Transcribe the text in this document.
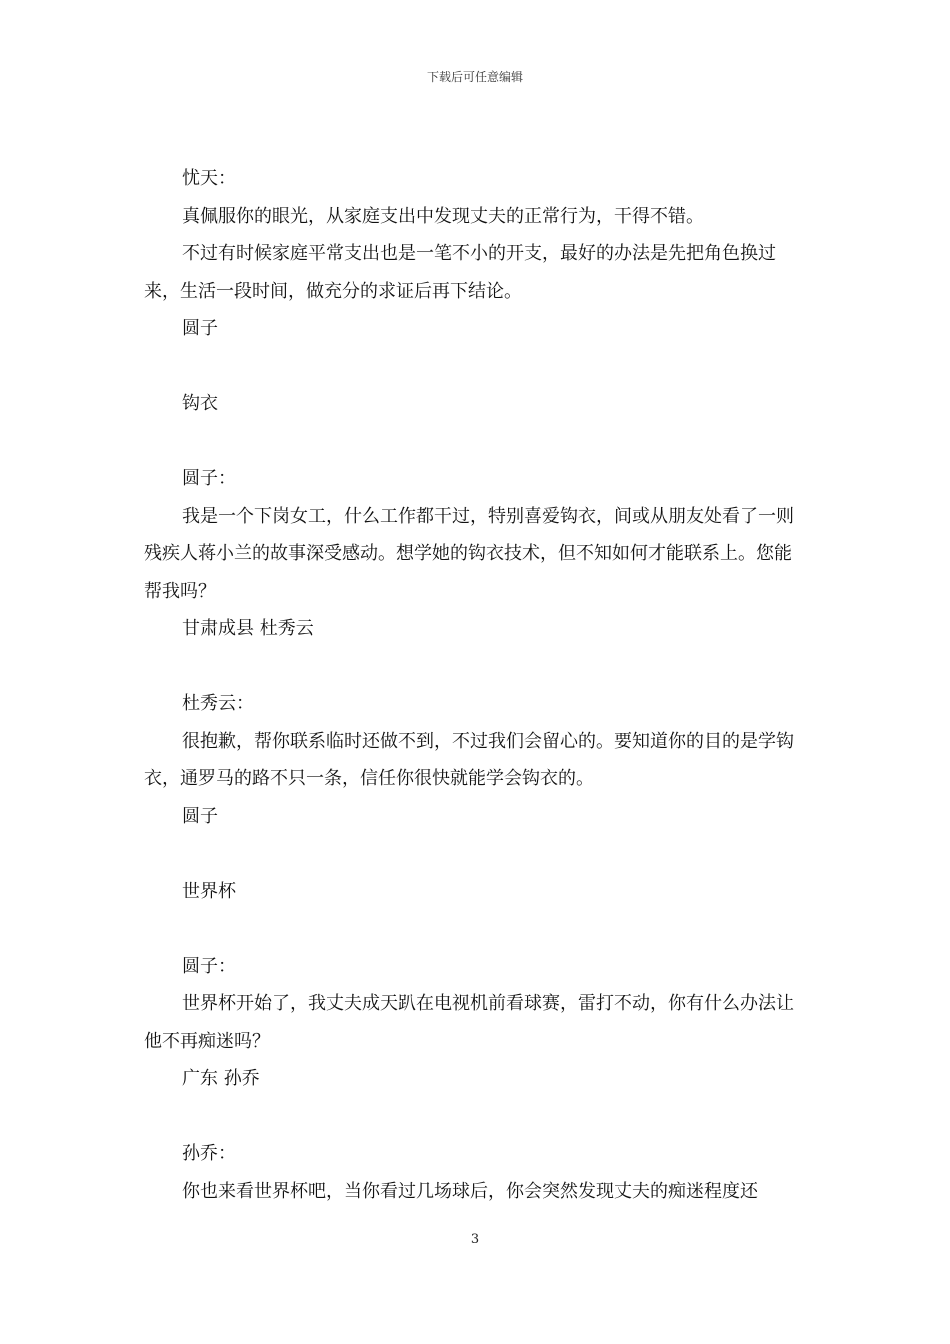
下载后可任意编辑
忧天：
真佩服你的眼光，从家庭支出中发现丈夫的正常行为，干得不错。
不过有时候家庭平常支出也是一笔不小的开支，最好的办法是先把角色换过来，生活一段时间，做充分的求证后再下结论。
圆子
钩衣
圆子：
我是一个下岗女工，什么工作都干过，特别喜爱钩衣，间或从朋友处看了一则残疾人蒋小兰的故事深受感动。想学她的钩衣技术，但不知如何才能联系上。您能帮我吗？
甘肃成县 杜秀云
杜秀云：
很抱歉，帮你联系临时还做不到，不过我们会留心的。要知道你的目的是学钩衣，通罗马的路不只一条，信任你很快就能学会钩衣的。
圆子
世界杯
圆子：
世界杯开始了，我丈夫成天趴在电视机前看球赛，雷打不动，你有什么办法让他不再痴迷吗？
广东 孙乔
孙乔：
你也来看世界杯吧，当你看过几场球后，你会突然发现丈夫的痴迷程度还
3
